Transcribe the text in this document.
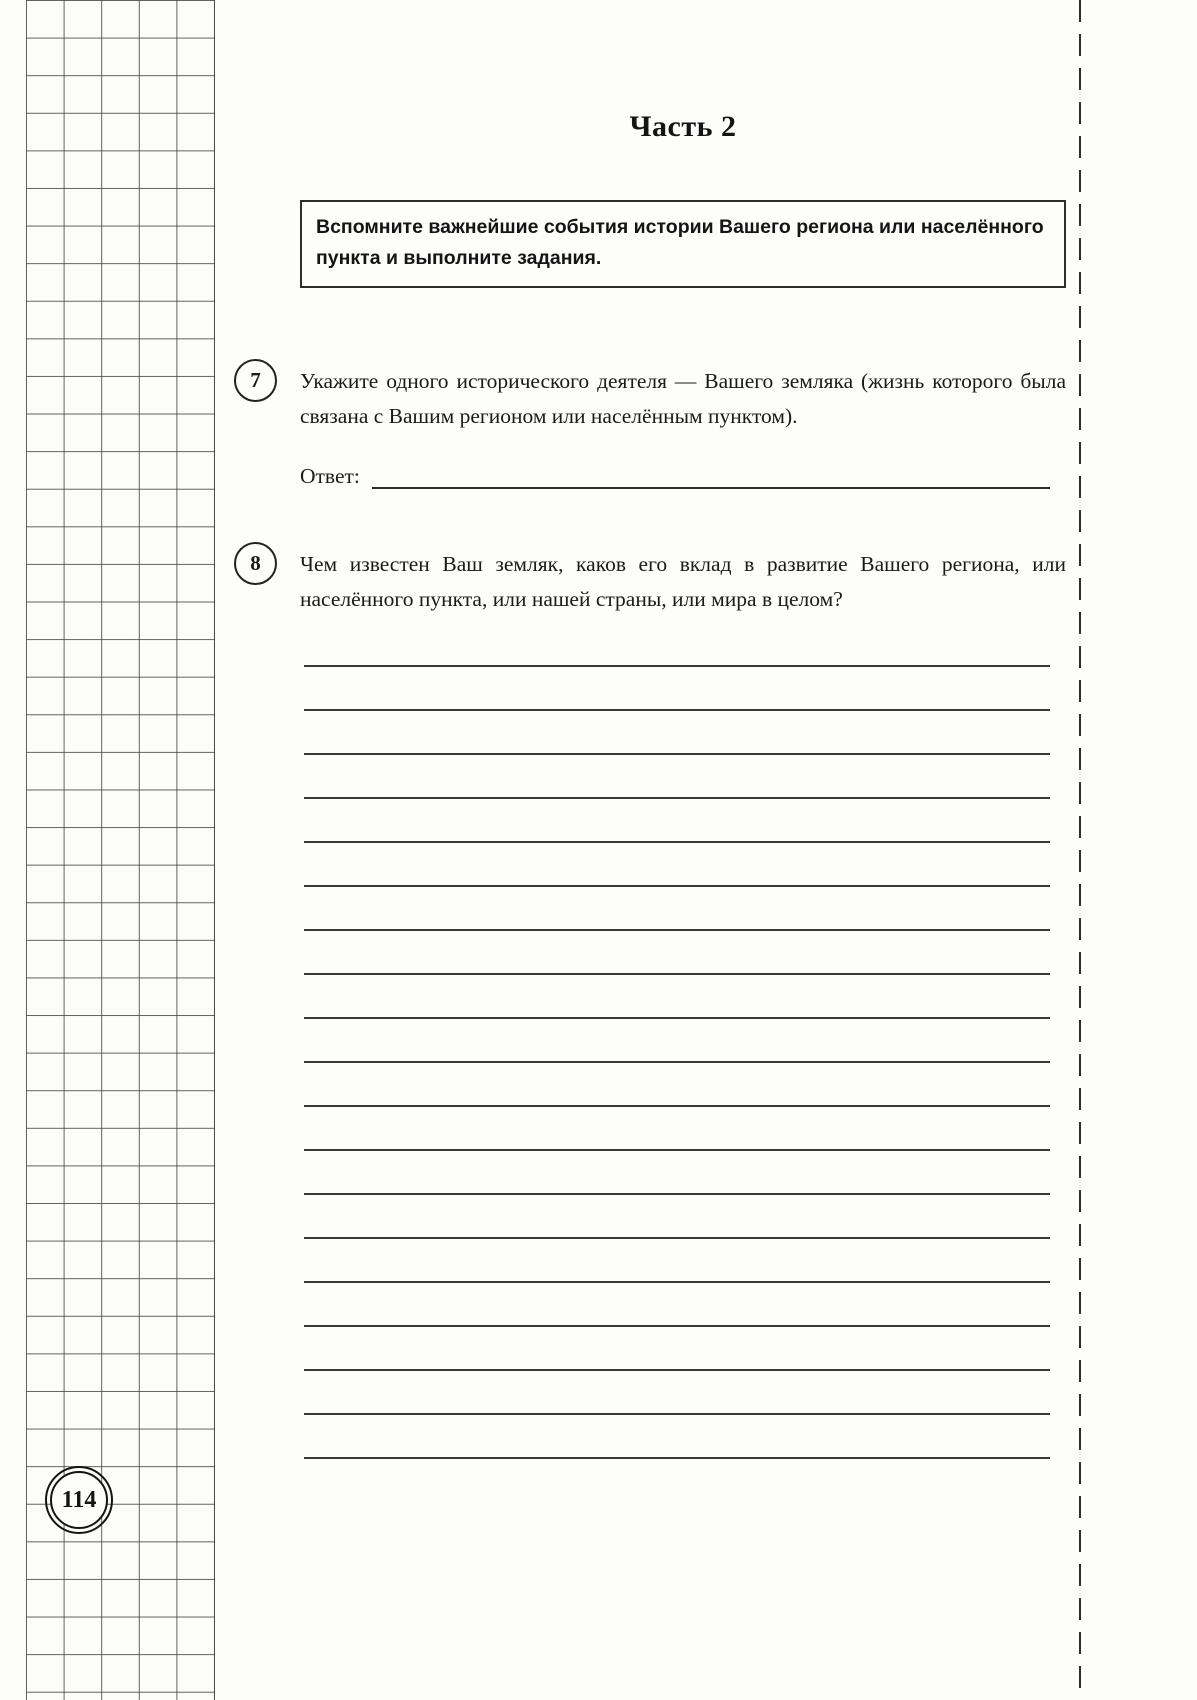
Часть 2

Вспомните важнейшие события истории Вашего региона или населённого пункта и выполните задания.

7	Укажите одного исторического деятеля — Вашего земляка (жизнь которого была связана с Вашим регионом или населённым пунктом).

Ответ:
8	Чем известен Ваш земляк, каков его вклад в развитие Вашего региона, или населённого пункта, или нашей страны, или мира в целом?

114
